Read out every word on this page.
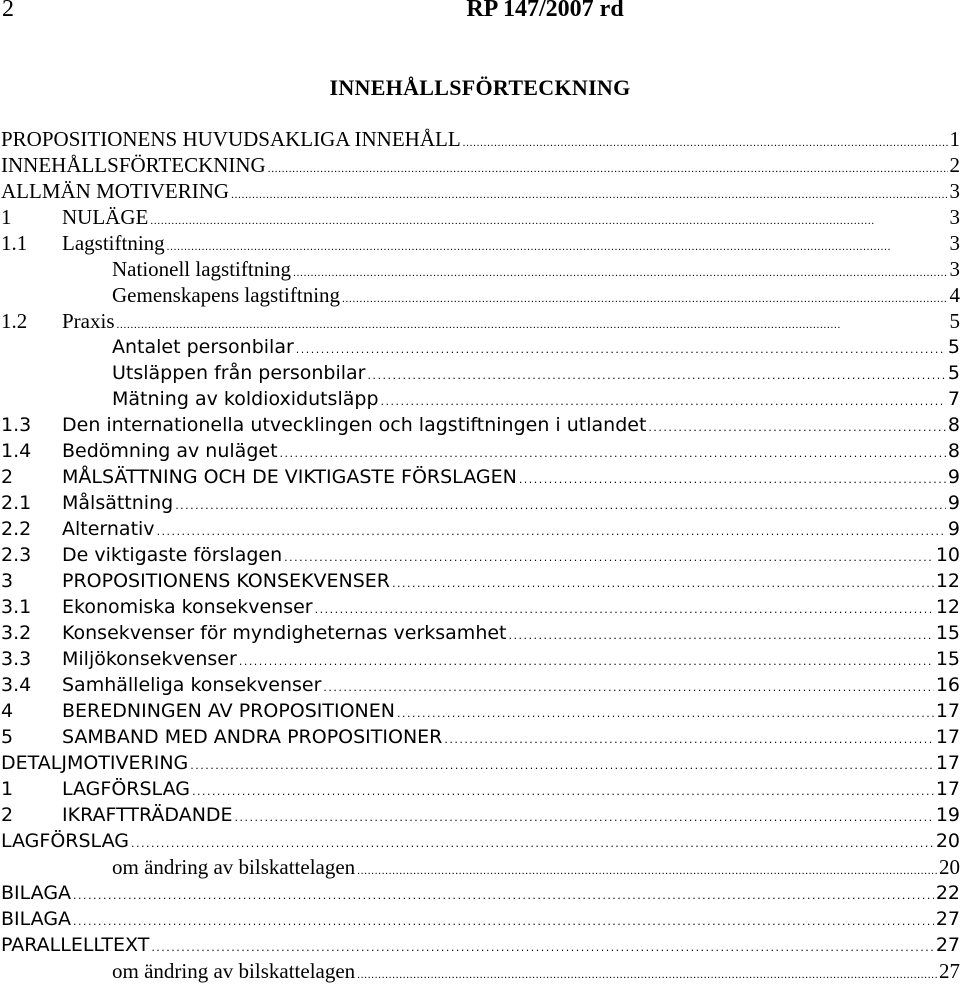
2	RP 147/2007 rd
INNEHÅLLSFÖRTECKNING
PROPOSITIONENS HUVUDSAKLIGA INNEHÅLL . . .	1
INNEHÅLLSFÖRTECKNING . . .	2
ALLMÄN MOTIVERING . . .	3
1 NULÄGE . . .	3
1.1 Lagstiftning . . .	3
Nationell lagstiftning . . .	3
Gemenskapens lagstiftning . . .	4
1.2 Praxis . . .	5
Antalet personbilar . . .	5
Utsläppen från personbilar . . .	5
Mätning av koldioxidutsläpp . . .	7
1.3 Den internationella utvecklingen och lagstiftningen i utlandet . . .	8
1.4 Bedömning av nuläget . . .	8
2	MÅLSÄTTNING OCH DE VIKTIGASTE FÖRSLAGEN . . .	9
2.1 Målsättning . . .	9
2.2 Alternativ . . .	9
2.3 De viktigaste förslagen . . .	10
3	PROPOSITIONENS KONSEKVENSER . . .	12
3.1 Ekonomiska konsekvenser . . .	12
3.2 Konsekvenser för myndigheternas verksamhet . . .	15
3.3 Miljökonsekvenser . . .	15
3.4 Samhälleliga konsekvenser . . .	16
4	BEREDNINGEN AV PROPOSITIONEN . . .	17
5	SAMBAND MED ANDRA PROPOSITIONER . . .	17
DETALJMOTIVERING . . .	17
1	LAGFÖRSLAG . . .	17
2	IKRAFTTRÄDANDE . . .	19
LAGFÖRSLAG . . .	20
om ändring av bilskattelagen . . .	20
BILAGA . . .	22
BILAGA . . .	27
PARALLELLTEXT . . .	27
om ändring av bilskattelagen . . .	27
